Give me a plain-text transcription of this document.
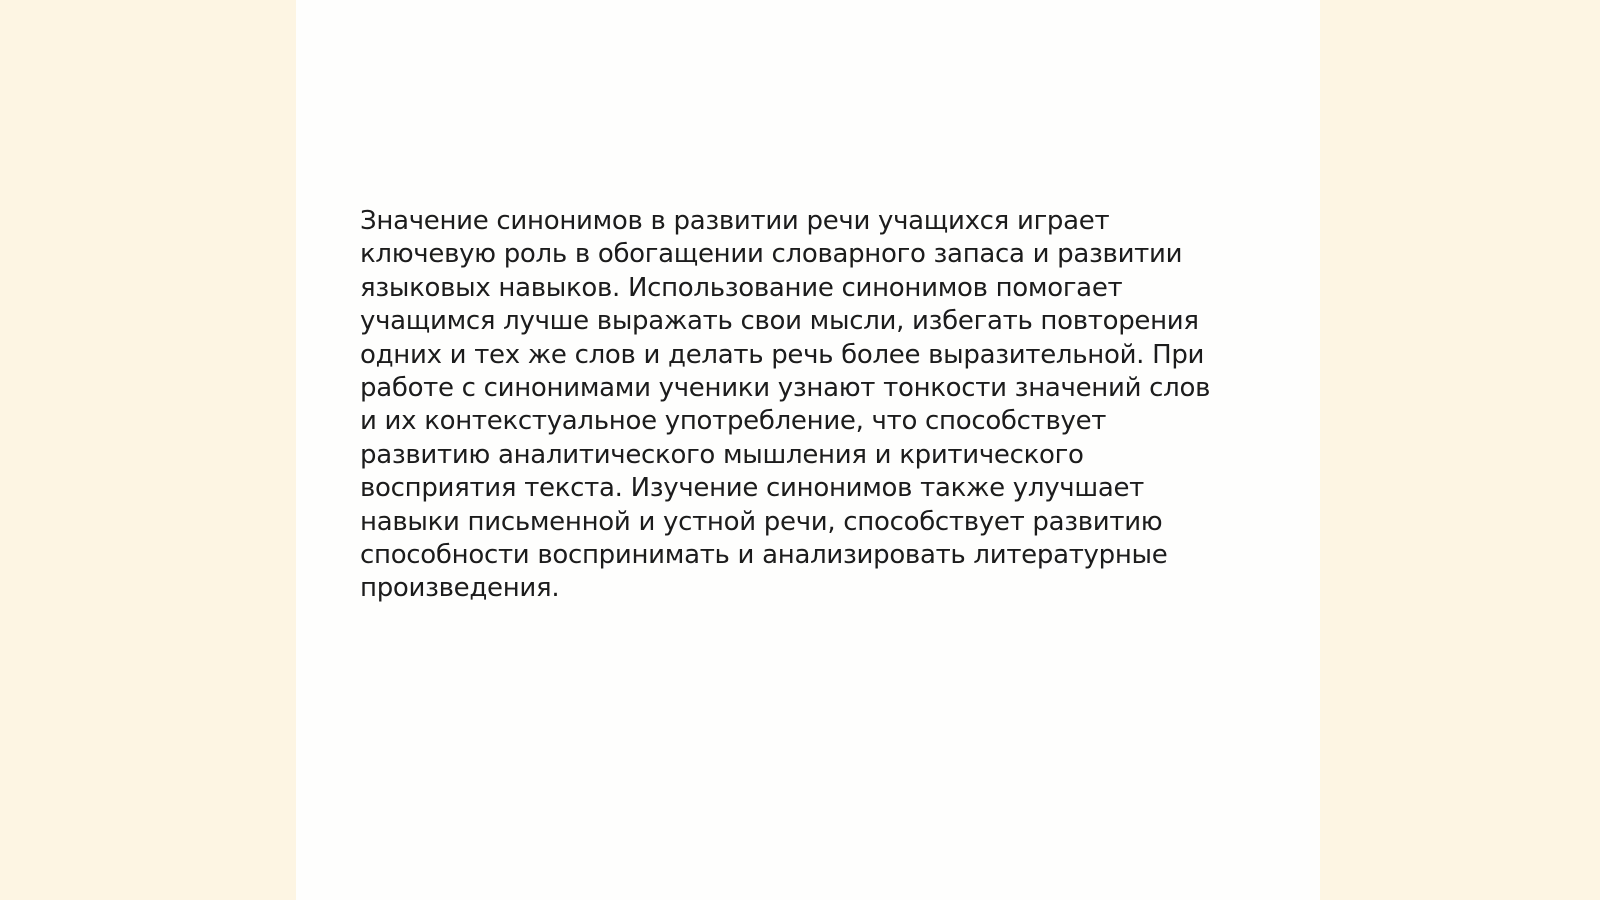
Значение синонимов в развитии речи учащихся играет
ключевую роль в обогащении словарного запаса и развитии
языковых навыков. Использование синонимов помогает
учащимся лучше выражать свои мысли, избегать повторения
одних и тех же слов и делать речь более выразительной. При
работе с синонимами ученики узнают тонкости значений слов
и их контекстуальное употребление, что способствует
развитию аналитического мышления и критического
восприятия текста. Изучение синонимов также улучшает
навыки письменной и устной речи, способствует развитию
способности воспринимать и анализировать литературные
произведения.
